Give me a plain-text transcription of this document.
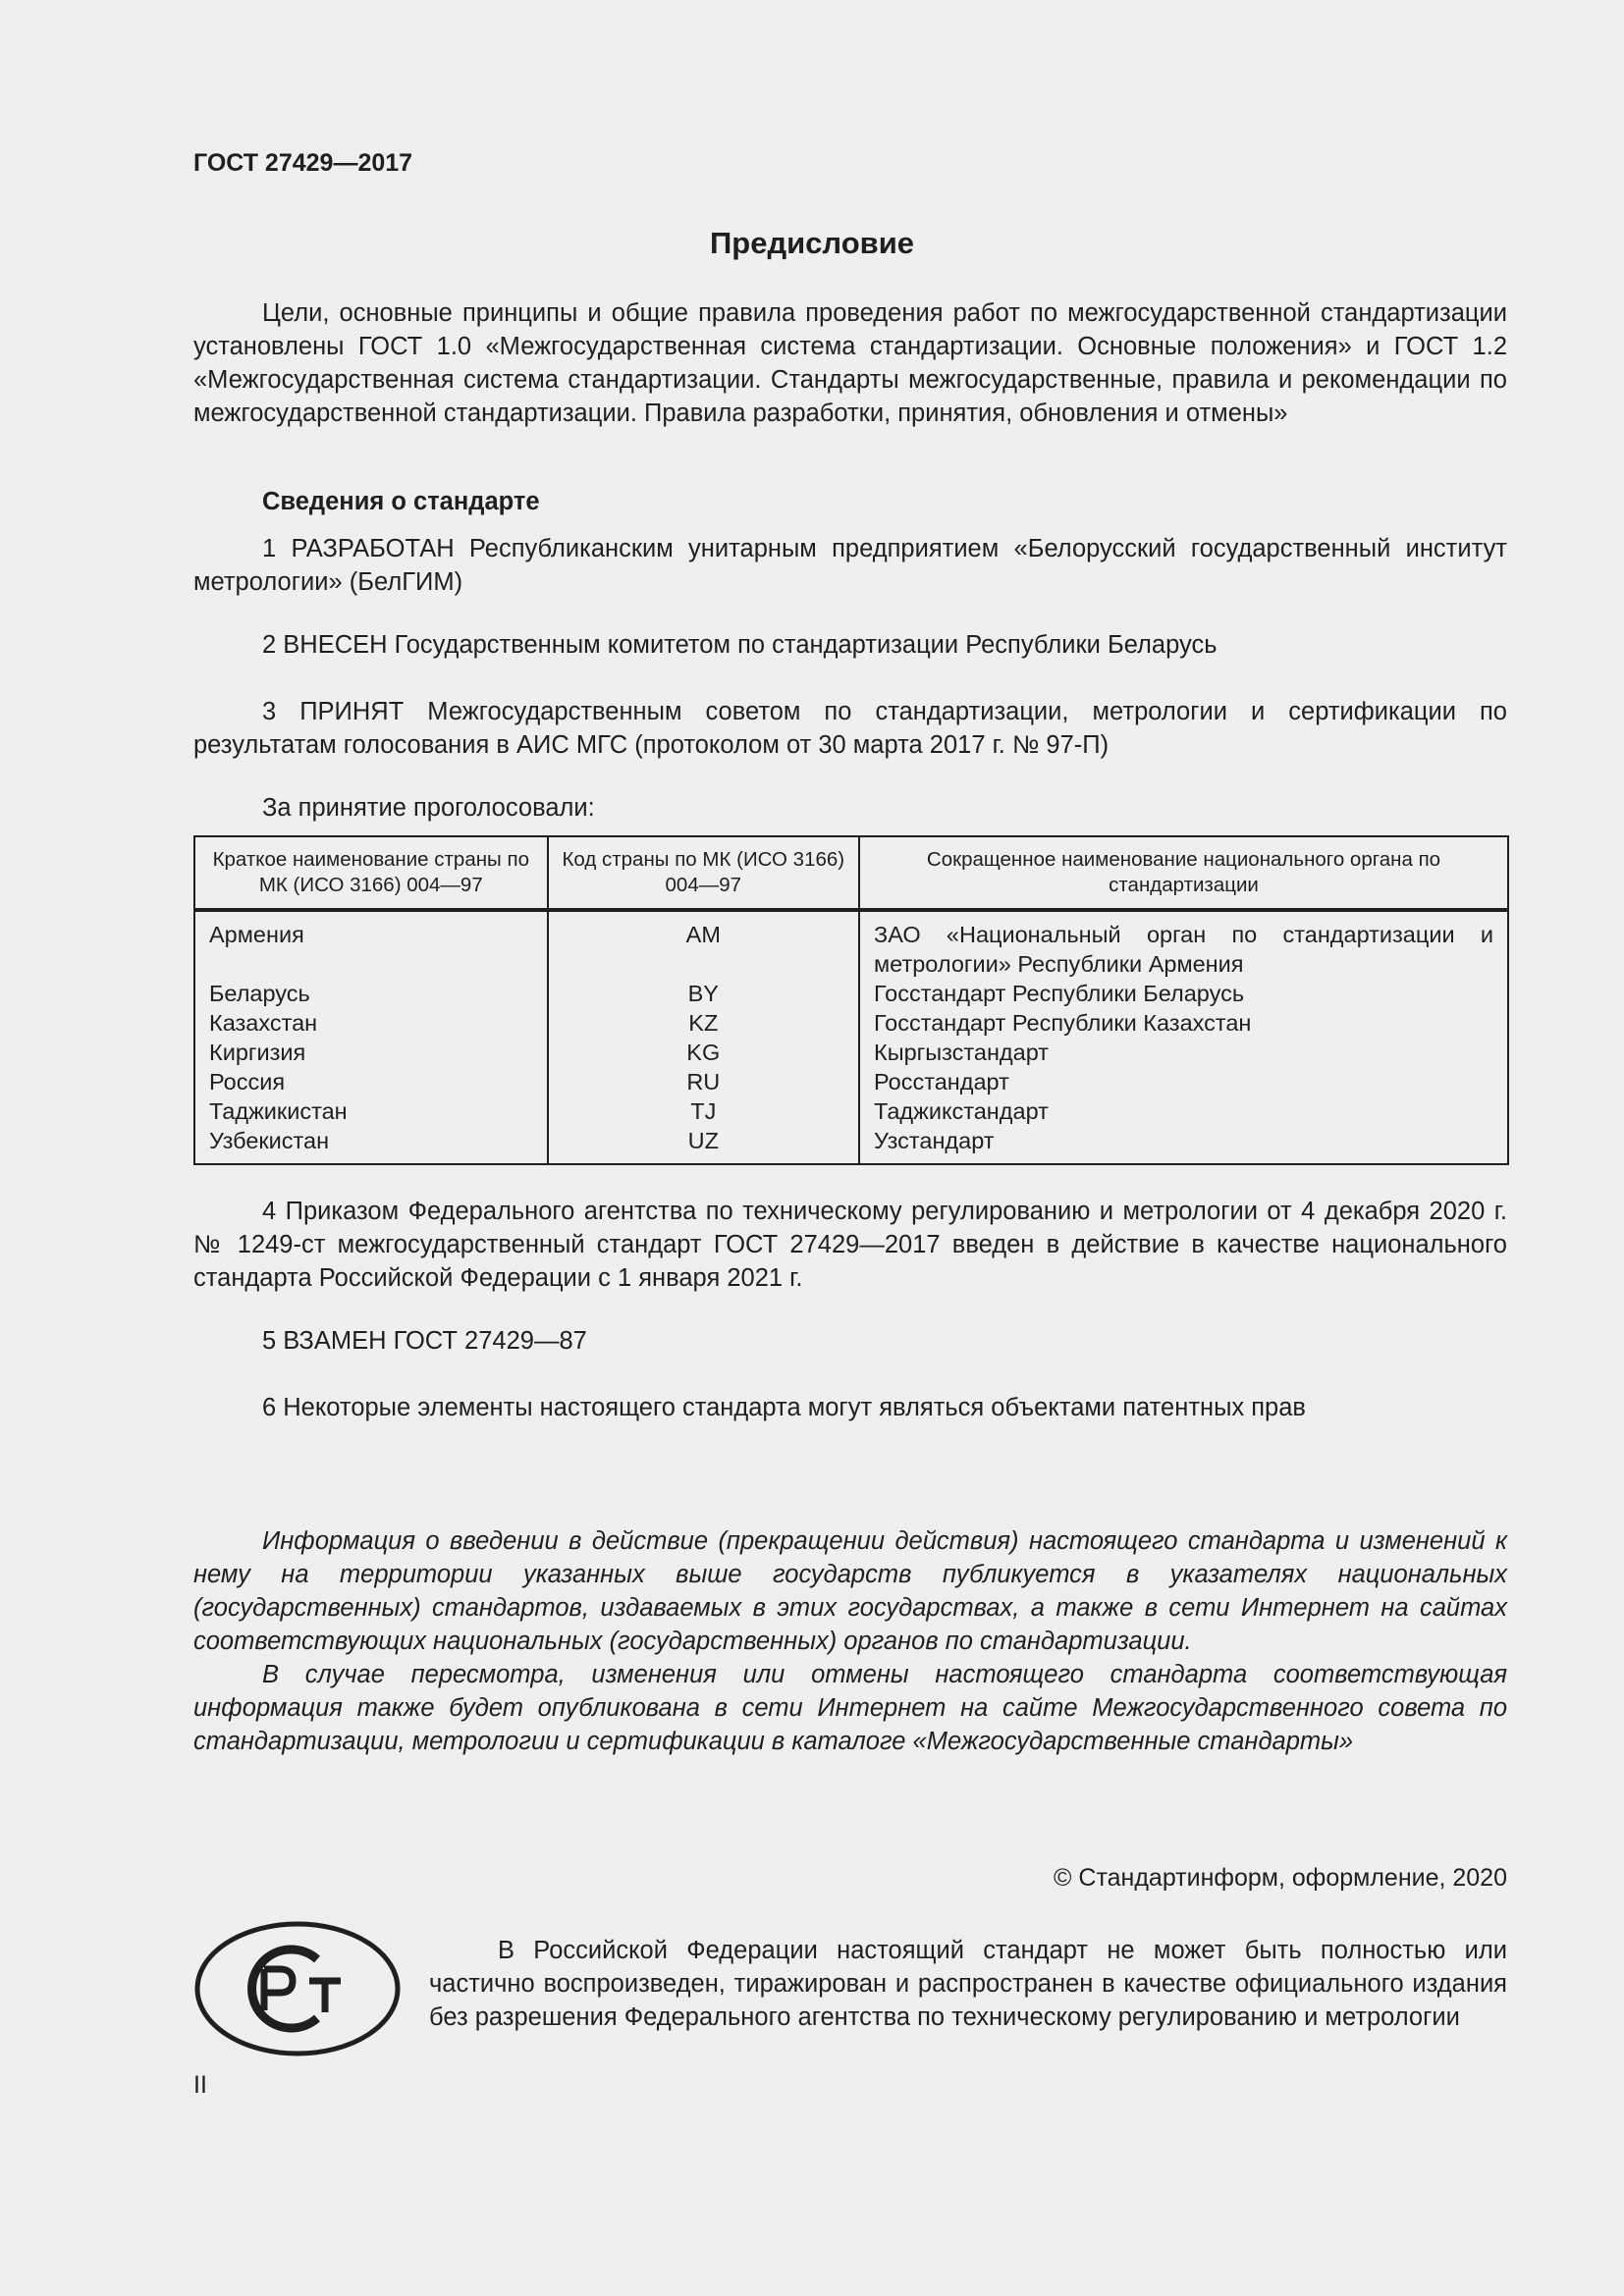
ГОСТ 27429—2017
Предисловие
Цели, основные принципы и общие правила проведения работ по межгосударственной стандартизации установлены ГОСТ 1.0 «Межгосударственная система стандартизации. Основные положения» и ГОСТ 1.2 «Межгосударственная система стандартизации. Стандарты межгосударственные, правила и рекомендации по межгосударственной стандартизации. Правила разработки, принятия, обновления и отмены»
Сведения о стандарте
1 РАЗРАБОТАН Республиканским унитарным предприятием «Белорусский государственный институт метрологии» (БелГИМ)
2 ВНЕСЕН Государственным комитетом по стандартизации Республики Беларусь
3 ПРИНЯТ Межгосударственным советом по стандартизации, метрологии и сертификации по результатам голосования в АИС МГС (протоколом от 30 марта 2017 г. № 97-П)
За принятие проголосовали:
Краткое наименование страны по МК (ИСО 3166) 004—97	Код страны по МК (ИСО 3166) 004—97	Сокращенное наименование национального органа по стандартизации

Армения	AM	ЗАО «Национальный орган по стандартизации и метрологии» Республики Армения
Беларусь	BY	Госстандарт Республики Беларусь
Казахстан	KZ	Госстандарт Республики Казахстан
Киргизия	KG	Кыргызстандарт
Россия	RU	Росстандарт
Таджикистан	TJ	Таджикстандарт
Узбекистан	UZ	Узстандарт
4 Приказом Федерального агентства по техническому регулированию и метрологии от 4 декабря 2020 г. № 1249-ст межгосударственный стандарт ГОСТ 27429—2017 введен в действие в качестве национального стандарта Российской Федерации с 1 января 2021 г.
5 ВЗАМЕН ГОСТ 27429—87
6 Некоторые элементы настоящего стандарта могут являться объектами патентных прав
Информация о введении в действие (прекращении действия) настоящего стандарта и изменений к нему на территории указанных выше государств публикуется в указателях национальных (государственных) стандартов, издаваемых в этих государствах, а также в сети Интернет на сайтах соответствующих национальных (государственных) органов по стандартизации.
В случае пересмотра, изменения или отмены настоящего стандарта соответствующая информация также будет опубликована в сети Интернет на сайте Межгосударственного совета по стандартизации, метрологии и сертификации в каталоге «Межгосударственные стандарты»
© Стандартинформ, оформление, 2020
В Российской Федерации настоящий стандарт не может быть полностью или частично воспроизведен, тиражирован и распространен в качестве официального издания без разрешения Федерального агентства по техническому регулированию и метрологии
II
